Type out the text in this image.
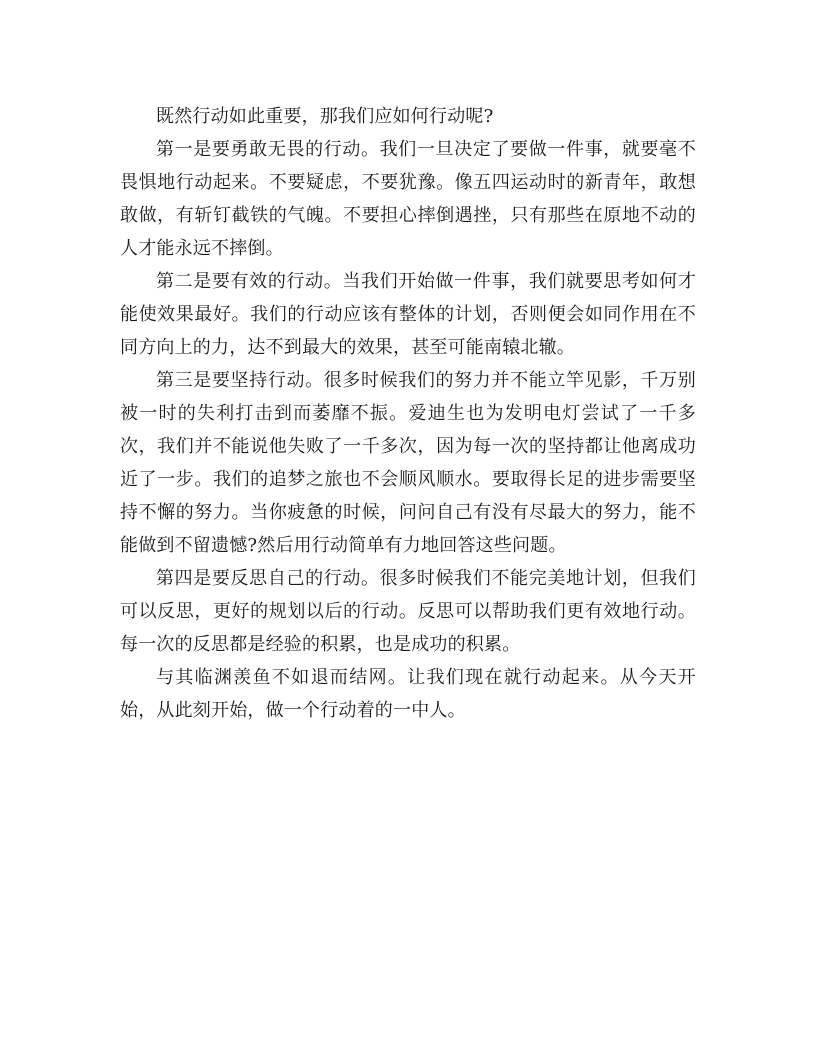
既然行动如此重要，那我们应如何行动呢?

第一是要勇敢无畏的行动。我们一旦决定了要做一件事，就要毫不畏惧地行动起来。不要疑虑，不要犹豫。像五四运动时的新青年，敢想敢做，有斩钉截铁的气魄。不要担心摔倒遇挫，只有那些在原地不动的人才能永远不摔倒。

第二是要有效的行动。当我们开始做一件事，我们就要思考如何才能使效果最好。我们的行动应该有整体的计划，否则便会如同作用在不同方向上的力，达不到最大的效果，甚至可能南辕北辙。

第三是要坚持行动。很多时候我们的努力并不能立竿见影，千万别被一时的失利打击到而萎靡不振。爱迪生也为发明电灯尝试了一千多次，我们并不能说他失败了一千多次，因为每一次的坚持都让他离成功近了一步。我们的追梦之旅也不会顺风顺水。要取得长足的进步需要坚持不懈的努力。当你疲惫的时候，问问自己有没有尽最大的努力，能不能做到不留遗憾?然后用行动简单有力地回答这些问题。

第四是要反思自己的行动。很多时候我们不能完美地计划，但我们可以反思，更好的规划以后的行动。反思可以帮助我们更有效地行动。每一次的反思都是经验的积累，也是成功的积累。

与其临渊羡鱼不如退而结网。让我们现在就行动起来。从今天开始，从此刻开始，做一个行动着的一中人。
